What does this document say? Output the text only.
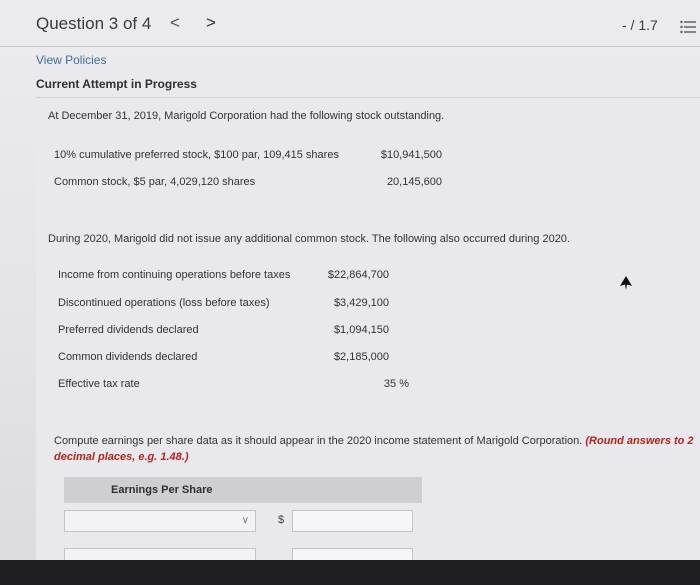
Question 3 of 4 < >	- / 1.7
View Policies
Current Attempt in Progress
At December 31, 2019, Marigold Corporation had the following stock outstanding.
10% cumulative preferred stock, $100 par, 109,415 shares	$10,941,500
Common stock, $5 par, 4,029,120 shares	20,145,600
During 2020, Marigold did not issue any additional common stock. The following also occurred during 2020.
Income from continuing operations before taxes	$22,864,700
Discontinued operations (loss before taxes)	$3,429,100
Preferred dividends declared	$1,094,150
Common dividends declared	$2,185,000
Effective tax rate	35 %
Compute earnings per share data as it should appear in the 2020 income statement of Marigold Corporation. (Round answers to 2 decimal places, e.g. 1.48.)
Earnings Per Share
∨	$
